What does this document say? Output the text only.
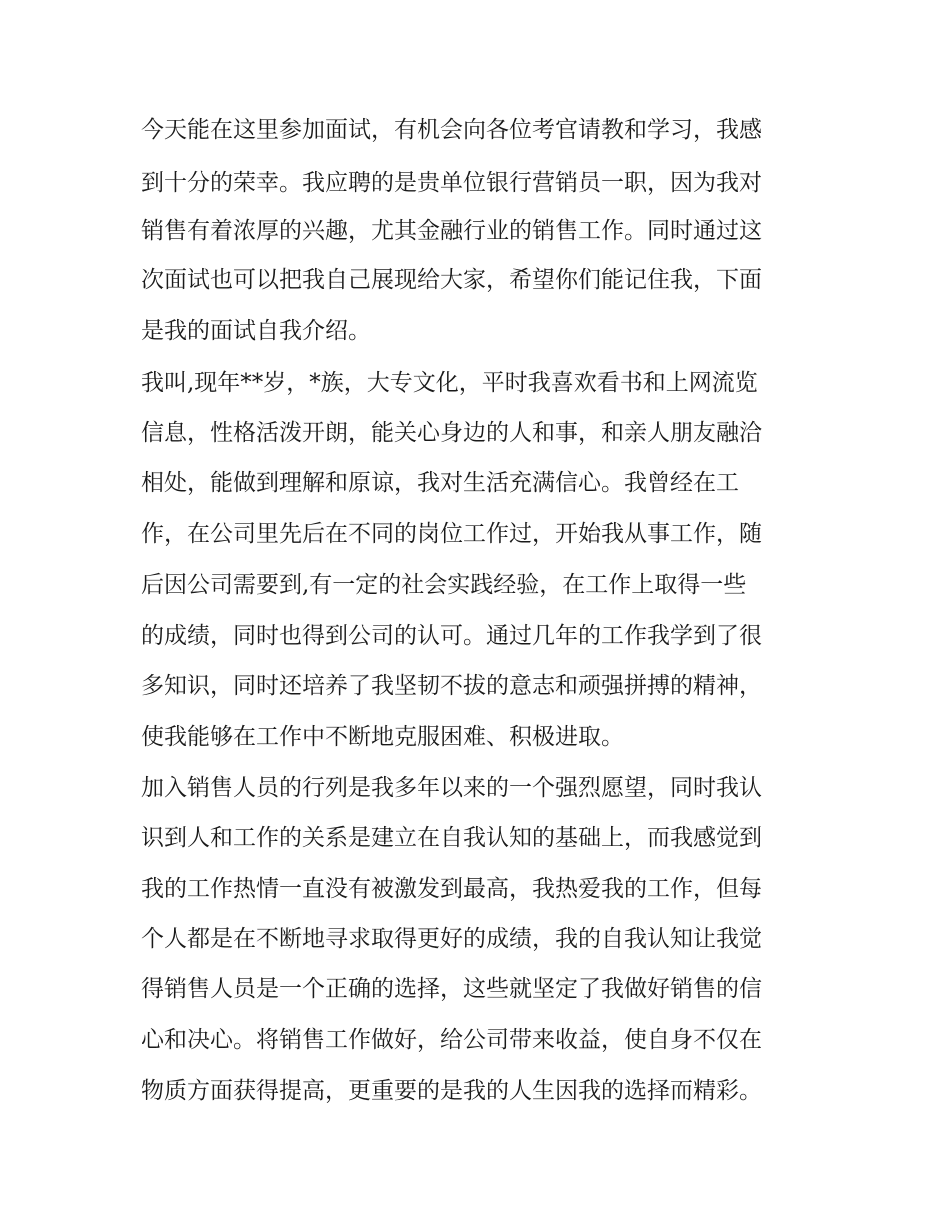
今天能在这里参加面试，有机会向各位考官请教和学习，我感

到十分的荣幸。我应聘的是贵单位银行营销员一职，因为我对

销售有着浓厚的兴趣，尤其金融行业的销售工作。同时通过这

次面试也可以把我自己展现给大家，希望你们能记住我，下面

是我的面试自我介绍。

我叫,现年**岁，*族，大专文化，平时我喜欢看书和上网流览

信息，性格活泼开朗，能关心身边的人和事，和亲人朋友融洽

相处，能做到理解和原谅，我对生活充满信心。我曾经在工

作，在公司里先后在不同的岗位工作过，开始我从事工作，随

后因公司需要到,有一定的社会实践经验，在工作上取得一些

的成绩，同时也得到公司的认可。通过几年的工作我学到了很

多知识，同时还培养了我坚韧不拔的意志和顽强拼搏的精神，

使我能够在工作中不断地克服困难、积极进取。

加入销售人员的行列是我多年以来的一个强烈愿望，同时我认

识到人和工作的关系是建立在自我认知的基础上，而我感觉到

我的工作热情一直没有被激发到最高，我热爱我的工作，但每

个人都是在不断地寻求取得更好的成绩，我的自我认知让我觉

得销售人员是一个正确的选择，这些就坚定了我做好销售的信

心和决心。将销售工作做好，给公司带来收益，使自身不仅在

物质方面获得提高，更重要的是我的人生因我的选择而精彩。
